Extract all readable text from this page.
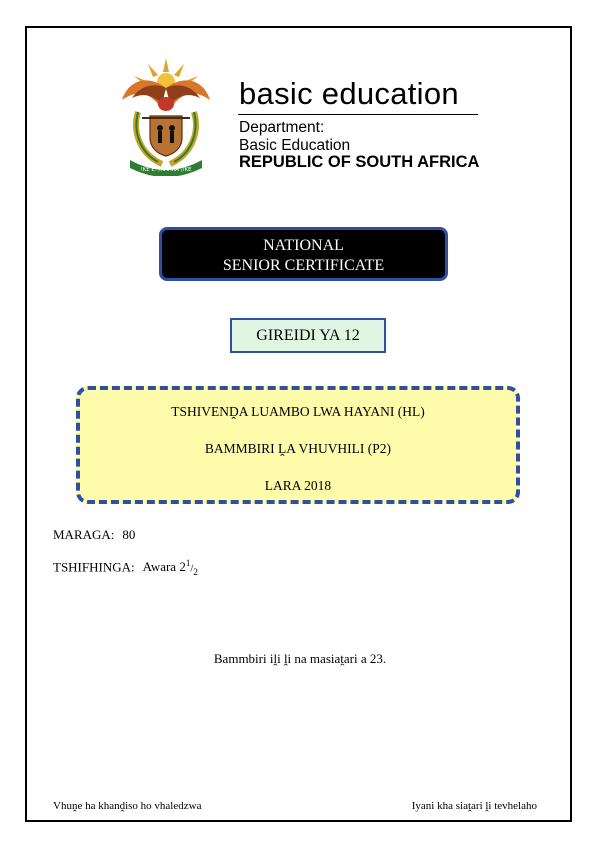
!KE E: /XARRA //KE
basic education
Department:
Basic Education
REPUBLIC OF SOUTH AFRICA
NATIONAL
SENIOR CERTIFICATE
GIREIDI YA 12
TSHIVENḒA LUAMBO LWA HAYANI (HL)
BAMMBIRI ḼA VHUVHILI (P2)
LARA 2018
MARAGA: 80
TSHIFHINGA: Awara $2^1/_2$
Bammbiri iḽi ḽi na masiaṱari a 23.
Vhuṋe ha khanḓiso ho vhaledzwa	Iyani kha siaṱari ḽi tevhelaho
